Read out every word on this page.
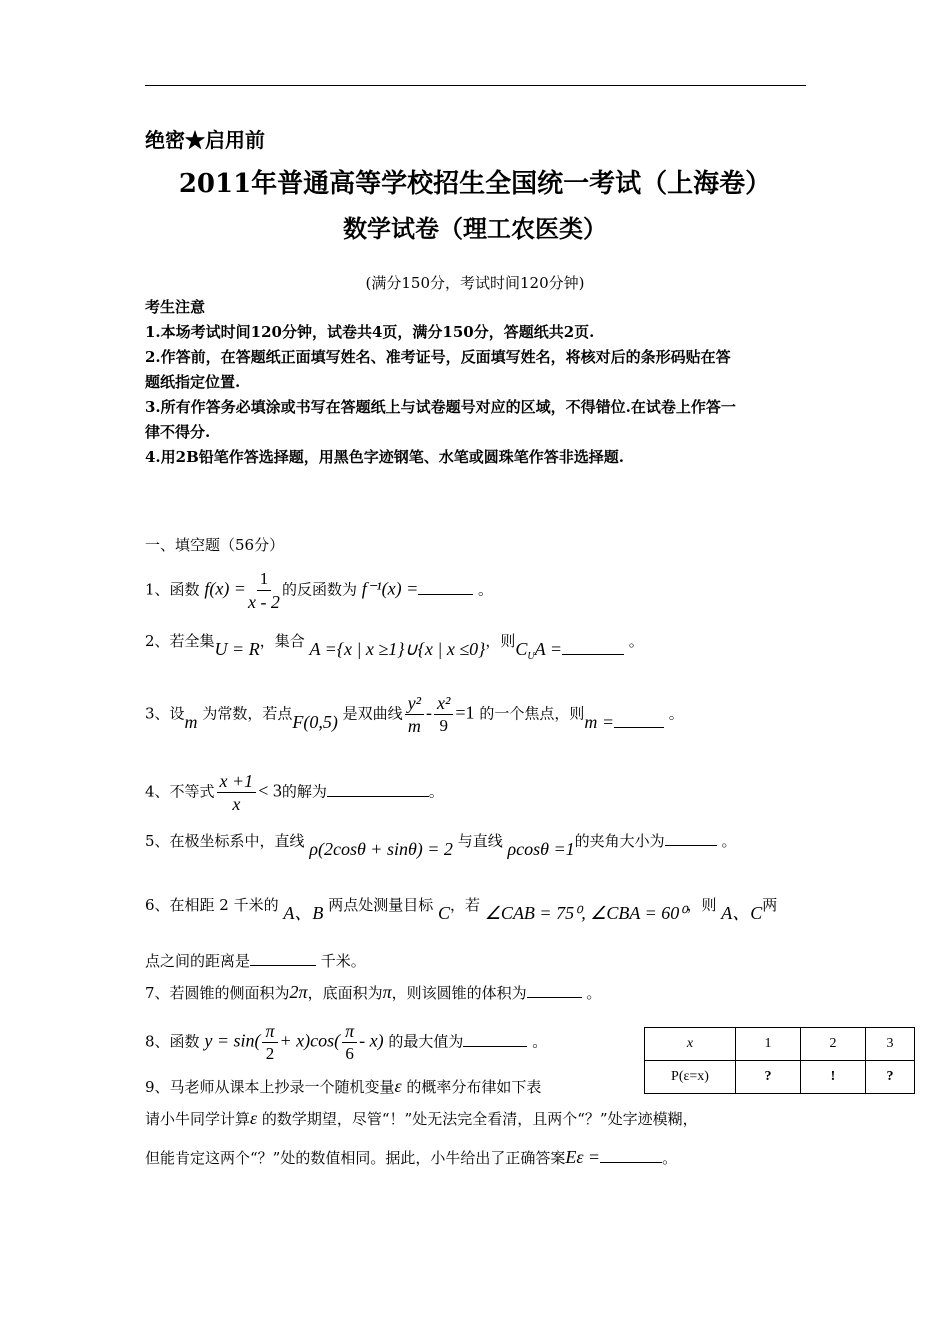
绝密★启用前
2011年普通高等学校招生全国统一考试（上海卷）
数学试卷（理工农医类）
(满分150分，考试时间120分钟)
考生注意
1.本场考试时间120分钟，试卷共4页，满分150分，答题纸共2页.
2.作答前，在答题纸正面填写姓名、准考证号，反面填写姓名，将核对后的条形码贴在答
题纸指定位置.
3.所有作答务必填涂或书写在答题纸上与试卷题号对应的区域，不得错位.在试卷上作答一
律不得分.
4.用2B铅笔作答选择题，用黑色字迹钢笔、水笔或圆珠笔作答非选择题.
一、填空题（56分）
1、函数 $f(x) = \frac{1}{x - 2}$ 的反函数为 f⁻¹(x) =	。
2、若全集U = R，集合 A ={x | x ≥1}∪{x | x ≤0}，则$C_UA$ =	。
3、设m 为常数，若点F(0,5) 是双曲线 $\frac{\text{y²}}{m} - \frac{\text{x²}}{9} =1$ 的一个焦点，则m =	。
4、不等式 $\frac{x +1}{x} < 3$的解为	。
5、在极坐标系中，直线 ρ(2cosθ + sinθ) = 2 与直线 ρcosθ =1的夹角大小为	。
6、在相距 2 千米的 A、B 两点处测量目标 C，若 ∠CAB = 75⁰, ∠CBA = 60⁰，则 A、C两
点之间的距离是	千米。
7、若圆锥的侧面积为2π，底面积为π，则该圆锥的体积为	。
8、函数 $y = \sin( \frac{\pi}{2} + x)\cos( \frac{\pi}{6} - x)$ 的最大值为	。
9、马老师从课本上抄录一个随机变量ε 的概率分布律如下表
请小牛同学计算ε 的数学期望，尽管“！”处无法完全看清，且两个“？”处字迹模糊，
但能肯定这两个“？”处的数值相同。据此，小牛给出了正确答案Eε =	。
x	1	2	3
P(ε=x)	?	!	?
